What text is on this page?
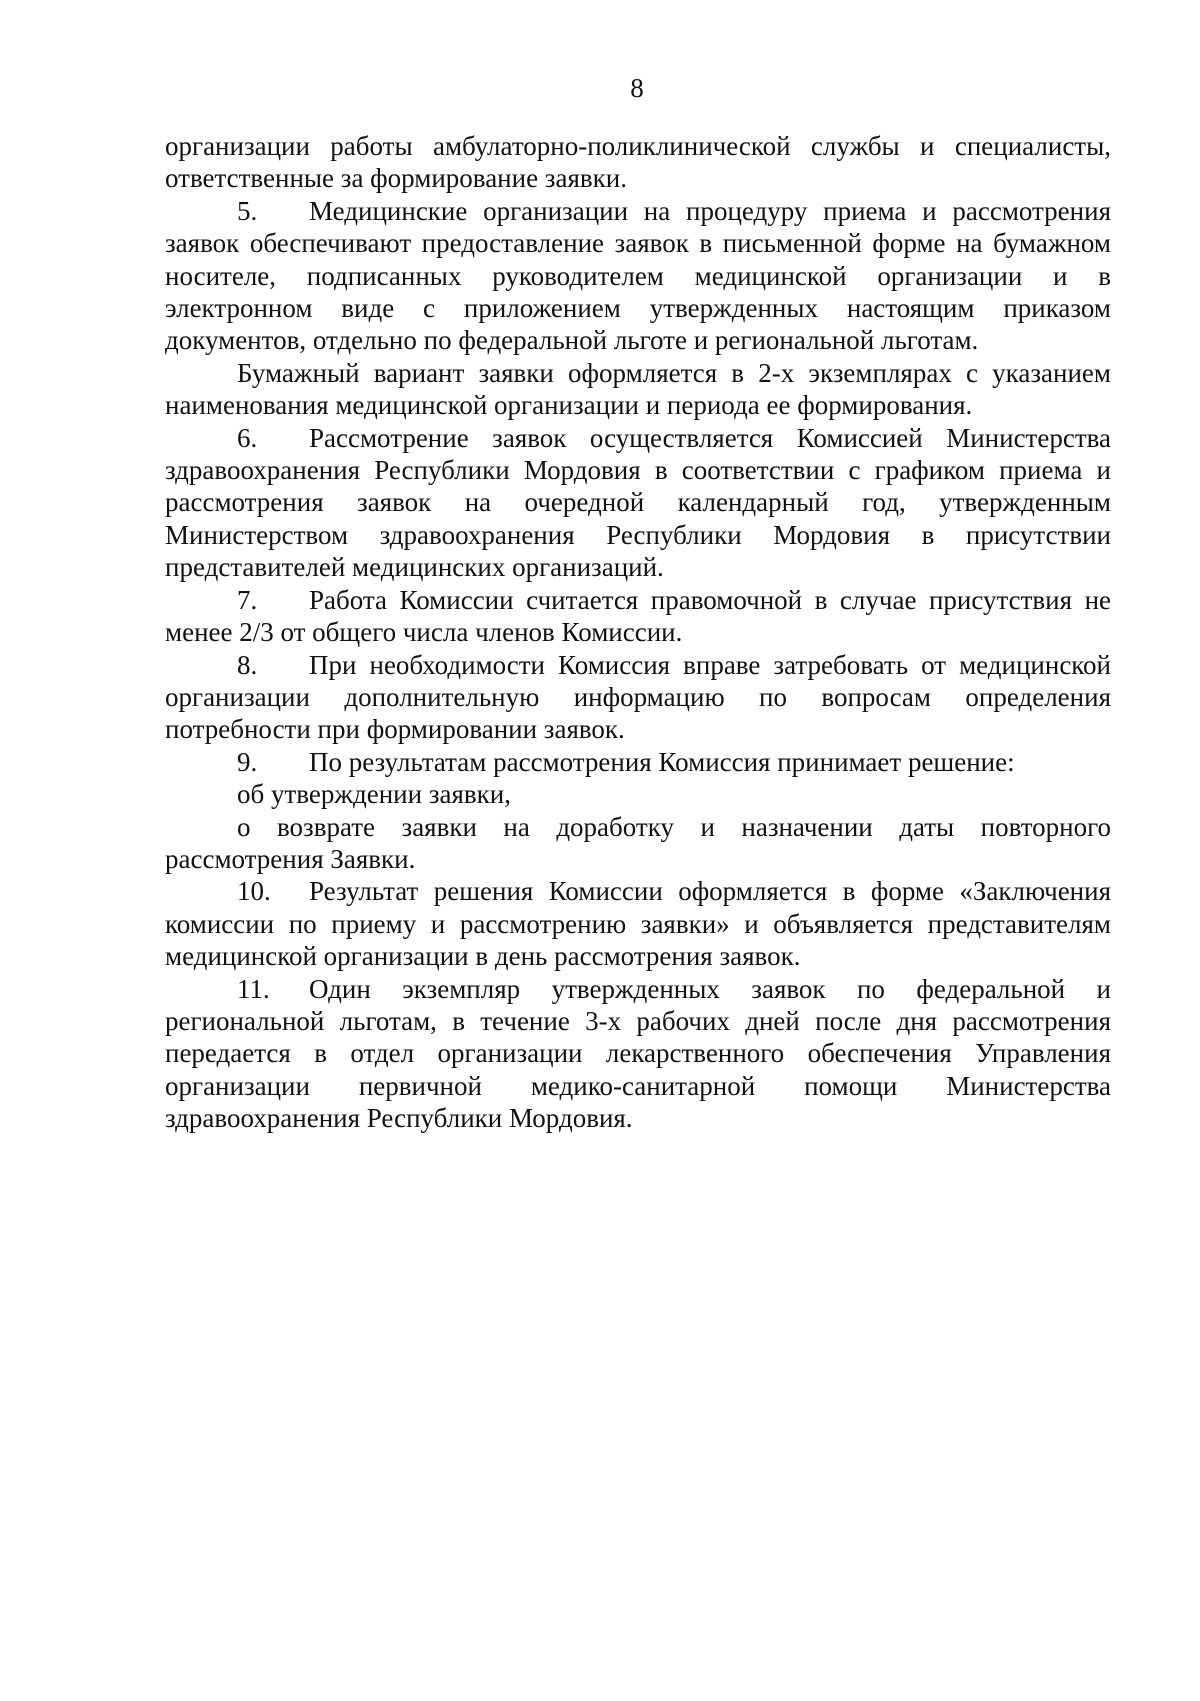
8

организации работы амбулаторно-поликлинической службы и специалисты, ответственные за формирование заявки.

5. Медицинские организации на процедуру приема и рассмотрения заявок обеспечивают предоставление заявок в письменной форме на бумажном носителе, подписанных руководителем медицинской организации и в электронном виде с приложением утвержденных настоящим приказом документов, отдельно по федеральной льготе и региональной льготам.

Бумажный вариант заявки оформляется в 2-х экземплярах с указанием наименования медицинской организации и периода ее формирования.

6. Рассмотрение заявок осуществляется Комиссией Министерства здравоохранения Республики Мордовия в соответствии с графиком приема и рассмотрения заявок на очередной календарный год, утвержденным Министерством здравоохранения Республики Мордовия в присутствии представителей медицинских организаций.

7. Работа Комиссии считается правомочной в случае присутствия не менее 2/3 от общего числа членов Комиссии.

8. При необходимости Комиссия вправе затребовать от медицинской организации дополнительную информацию по вопросам определения потребности при формировании заявок.

9. По результатам рассмотрения Комиссия принимает решение:

об утверждении заявки,

о возврате заявки на доработку и назначении даты повторного рассмотрения Заявки.

10. Результат решения Комиссии оформляется в форме «Заключения комиссии по приему и рассмотрению заявки» и объявляется представителям медицинской организации в день рассмотрения заявок.

11. Один экземпляр утвержденных заявок по федеральной и региональной льготам, в течение 3-х рабочих дней после дня рассмотрения передается в отдел организации лекарственного обеспечения Управления организации первичной медико-санитарной помощи Министерства здравоохранения Республики Мордовия.
